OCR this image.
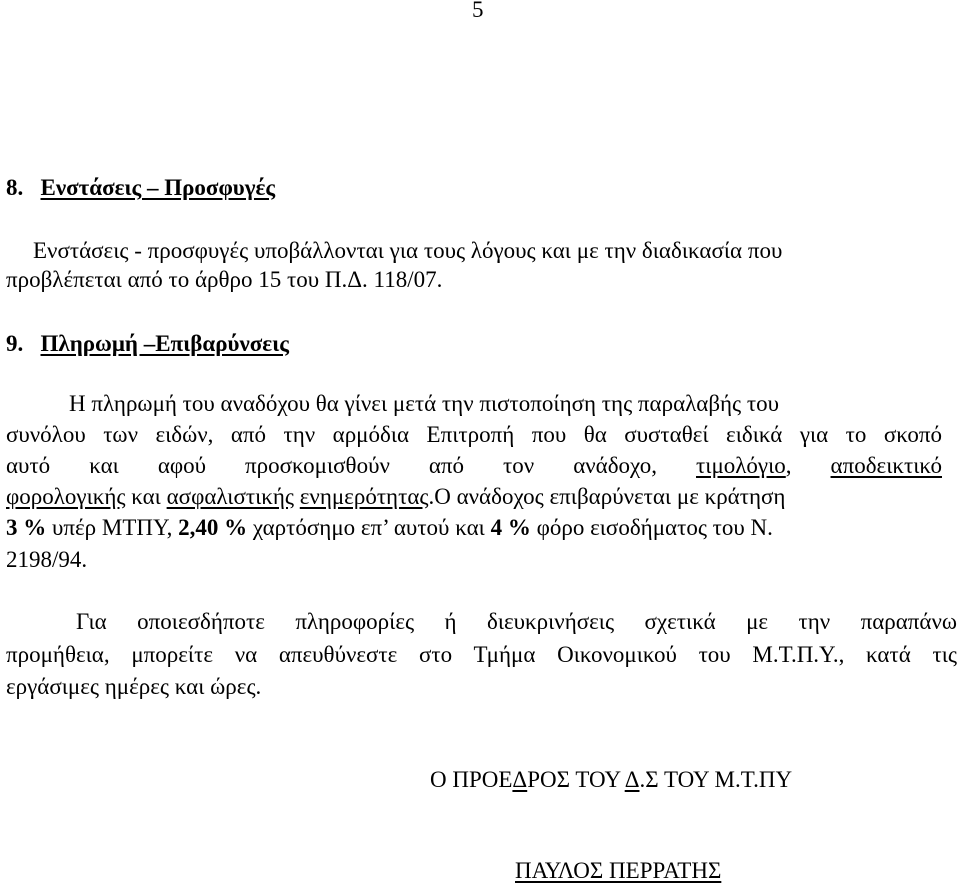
5
8. Ενστάσεις – Προσφυγές
Ενστάσεις - προσφυγές υποβάλλονται για τους λόγους και με την διαδικασία που
προβλέπεται από το άρθρο 15 του Π.Δ. 118/07.
9. Πληρωμή –Επιβαρύνσεις
Η πληρωμή του αναδόχου θα γίνει μετά την πιστοποίηση της παραλαβής του
συνόλου των ειδών, από την αρμόδια Επιτροπή που θα συσταθεί ειδικά για το σκοπό
αυτό και αφού προσκομισθούν από τον ανάδοχο, τιμολόγιο, αποδεικτικό
φορολογικής και ασφαλιστικής ενημερότητας.Ο ανάδοχος επιβαρύνεται με κράτηση
3 % υπέρ ΜΤΠΥ, 2,40 % χαρτόσημο επ’ αυτού και 4 % φόρο εισοδήματος του Ν.
2198/94.
Για οποιεσδήποτε πληροφορίες ή διευκρινήσεις σχετικά με την παραπάνω
προμήθεια, μπορείτε να απευθύνεστε στο Τμήμα Οικονομικού του Μ.Τ.Π.Υ., κατά τις
εργάσιμες ημέρες και ώρες.
Ο ΠΡΟΕΔΡΟΣ ΤΟΥ Δ.Σ ΤΟΥ Μ.Τ.ΠΥ
ΠΑΥΛΟΣ ΠΕΡΡΑΤΗΣ
